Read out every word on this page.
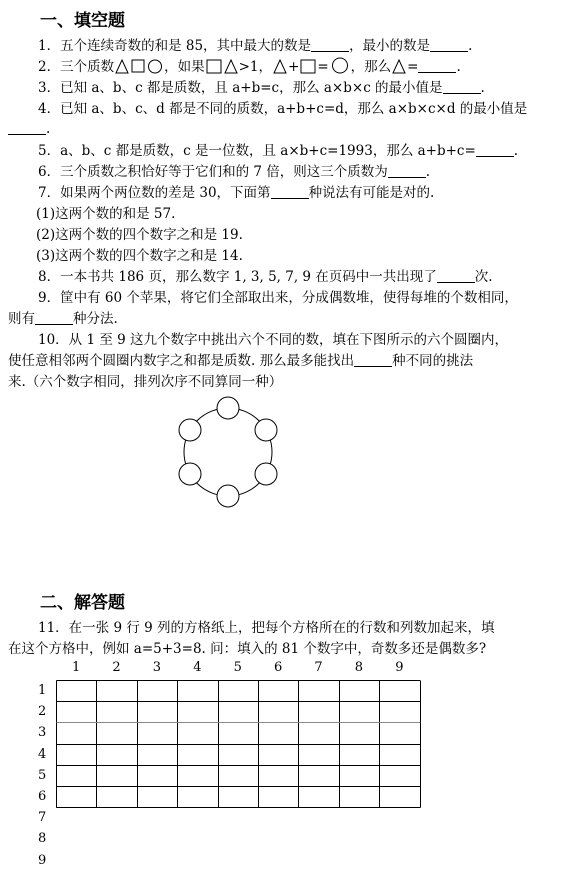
一、填空题

1．五个连续奇数的和是 85，其中最大的数是	，最小的数是	.

2．三个质数	，如果	>1， + = ，那么 =	.

3．已知 a、b、c 都是质数，且 a+b=c，那么 a×b×c 的最小值是	.

4．已知 a、b、c、d 都是不同的质数，a+b+c=d，那么 a×b×c×d 的最小值是

.

5．a、b、c 都是质数，c 是一位数，且 a×b+c=1993，那么 a+b+c=	.

6．三个质数之积恰好等于它们和的 7 倍，则这三个质数为	.

7．如果两个两位数的差是 30，下面第	种说法有可能是对的.

(1)这两个数的和是 57.

(2)这两个数的四个数字之和是 19.

(3)这两个数的四个数字之和是 14.

8．一本书共 186 页，那么数字 1, 3, 5, 7, 9 在页码中一共出现了	次.

9．筐中有 60 个苹果，将它们全部取出来，分成偶数堆，使得每堆的个数相同，

则有	种分法.

10．从 1 至 9 这九个数字中挑出六个不同的数，填在下图所示的六个圆圈内，

使任意相邻两个圆圈内数字之和都是质数. 那么最多能找出	种不同的挑法

来.（六个数字相同，排列次序不同算同一种）

二、解答题

11．在一张 9 行 9 列的方格纸上，把每个方格所在的行数和列数加起来，填

在这个方格中，例如 a=5+3=8. 问：填入的 81 个数字中，奇数多还是偶数多?

1 2 3 4 5 6 7 8 9
1
2
3
4
5
6
7
8
9
